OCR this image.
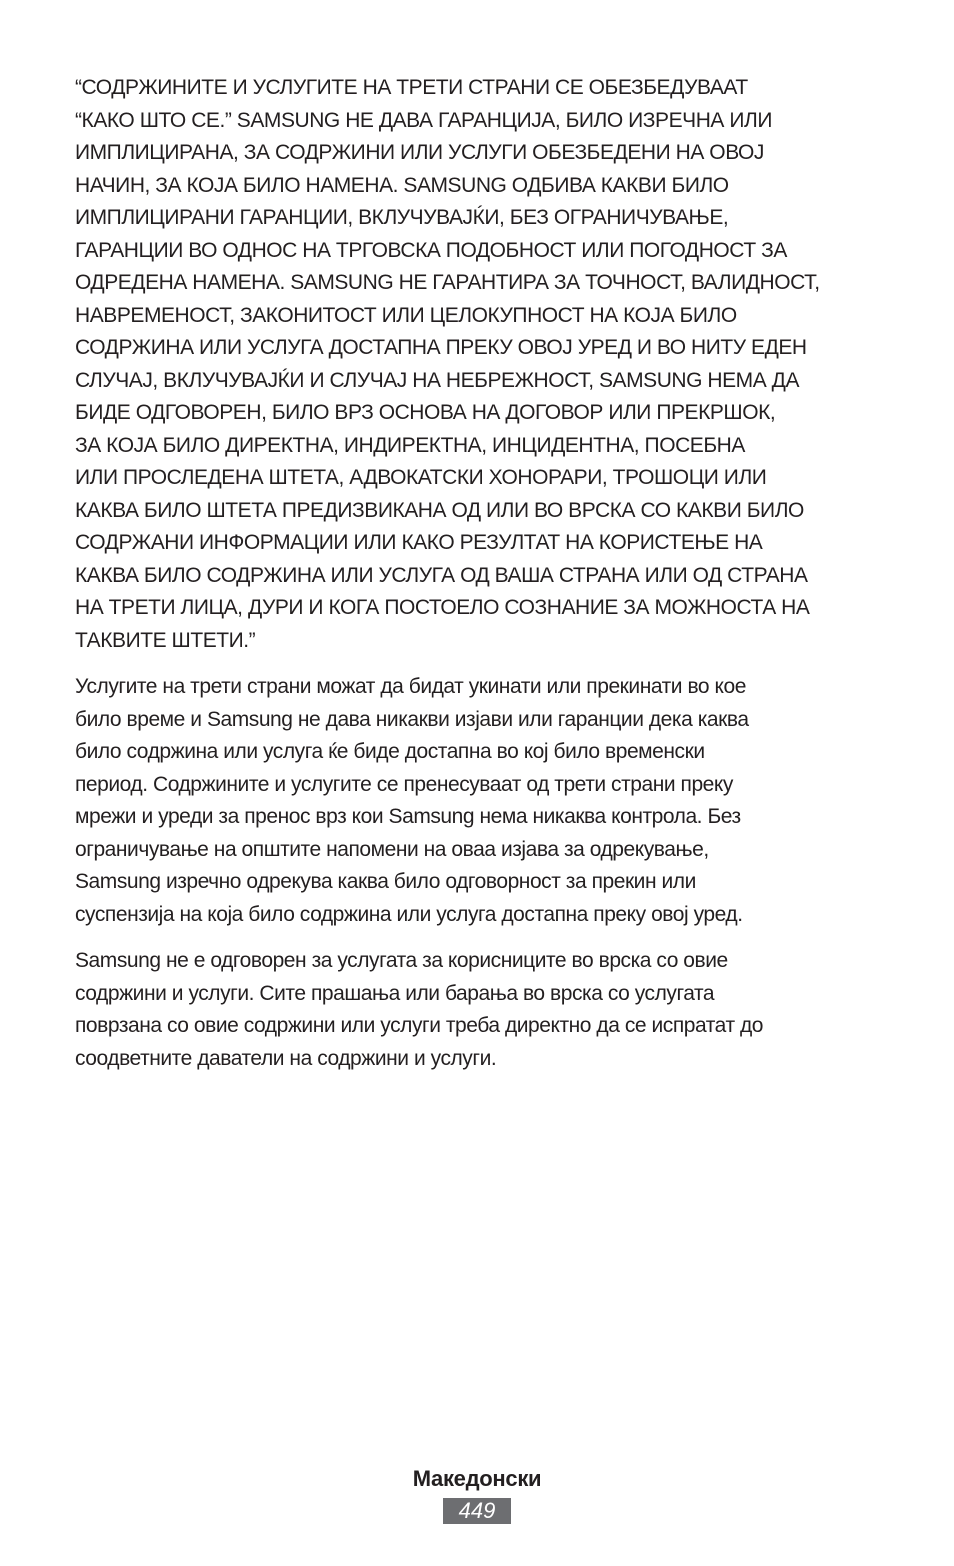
“СОДРЖИНИТЕ И УСЛУГИТЕ НА ТРЕТИ СТРАНИ СЕ ОБЕЗБЕДУВААТ
“КАКО ШТО СЕ.” SAMSUNG НЕ ДАВА ГАРАНЦИЈА, БИЛО ИЗРЕЧНА ИЛИ
ИМПЛИЦИРАНА, ЗА СОДРЖИНИ ИЛИ УСЛУГИ ОБЕЗБЕДЕНИ НА ОВОЈ
НАЧИН, ЗА КОЈА БИЛО НАМЕНА. SAMSUNG ОДБИВА КАКВИ БИЛО
ИМПЛИЦИРАНИ ГАРАНЦИИ, ВКЛУЧУВАЈЌИ, БЕЗ ОГРАНИЧУВАЊЕ,
ГАРАНЦИИ ВО ОДНОС НА ТРГОВСКА ПОДОБНОСТ ИЛИ ПОГОДНОСТ ЗА
ОДРЕДЕНА НАМЕНА. SAMSUNG НЕ ГАРАНТИРА ЗА ТОЧНОСТ, ВАЛИДНОСТ,
НАВРЕМЕНОСТ, ЗАКОНИТОСТ ИЛИ ЦЕЛОКУПНОСТ НА КОЈА БИЛО
СОДРЖИНА ИЛИ УСЛУГА ДОСТАПНА ПРЕКУ ОВОЈ УРЕД И ВО НИТУ ЕДЕН
СЛУЧАЈ, ВКЛУЧУВАЈЌИ И СЛУЧАЈ НА НЕБРЕЖНОСТ, SAMSUNG НЕМА ДА
БИДЕ ОДГОВОРЕН, БИЛО ВРЗ ОСНОВА НА ДОГОВОР ИЛИ ПРЕКРШОК,
ЗА КОЈА БИЛО ДИРЕКТНА, ИНДИРЕКТНА, ИНЦИДЕНТНА, ПОСЕБНА
ИЛИ ПРОСЛЕДЕНА ШТЕТА, АДВОКАТСКИ ХОНОРАРИ, ТРОШОЦИ ИЛИ
КАКВА БИЛО ШТЕТА ПРЕДИЗВИКАНА ОД ИЛИ ВО ВРСКА СО КАКВИ БИЛО
СОДРЖАНИ ИНФОРМАЦИИ ИЛИ КАКО РЕЗУЛТАТ НА КОРИСТЕЊЕ НА
КАКВА БИЛО СОДРЖИНА ИЛИ УСЛУГА ОД ВАША СТРАНА ИЛИ ОД СТРАНА
НА ТРЕТИ ЛИЦА, ДУРИ И КОГА ПОСТОЕЛО СОЗНАНИЕ ЗА МОЖНОСТА НА
ТАКВИТЕ ШТЕТИ.”

Услугите на трети страни можат да бидат укинати или прекинати во кое
било време и Samsung не дава никакви изјави или гаранции дека каква
било содржина или услуга ќе биде достапна во кој било временски
период. Содржините и услугите се пренесуваат од трети страни преку
мрежи и уреди за пренос врз кои Samsung нема никаква контрола. Без
ограничување на општите напомени на оваа изјава за одрекување,
Samsung изречно одрекува каква било одговорност за прекин или
суспензија на која било содржина или услуга достапна преку овој уред.

Samsung не е одговорен за услугата за корисниците во врска со овие
содржини и услуги. Сите прашања или барања во врска со услугата
поврзана со овие содржини или услуги треба директно да се испратат до
соодветните даватели на содржини и услуги.

Македонски
449
